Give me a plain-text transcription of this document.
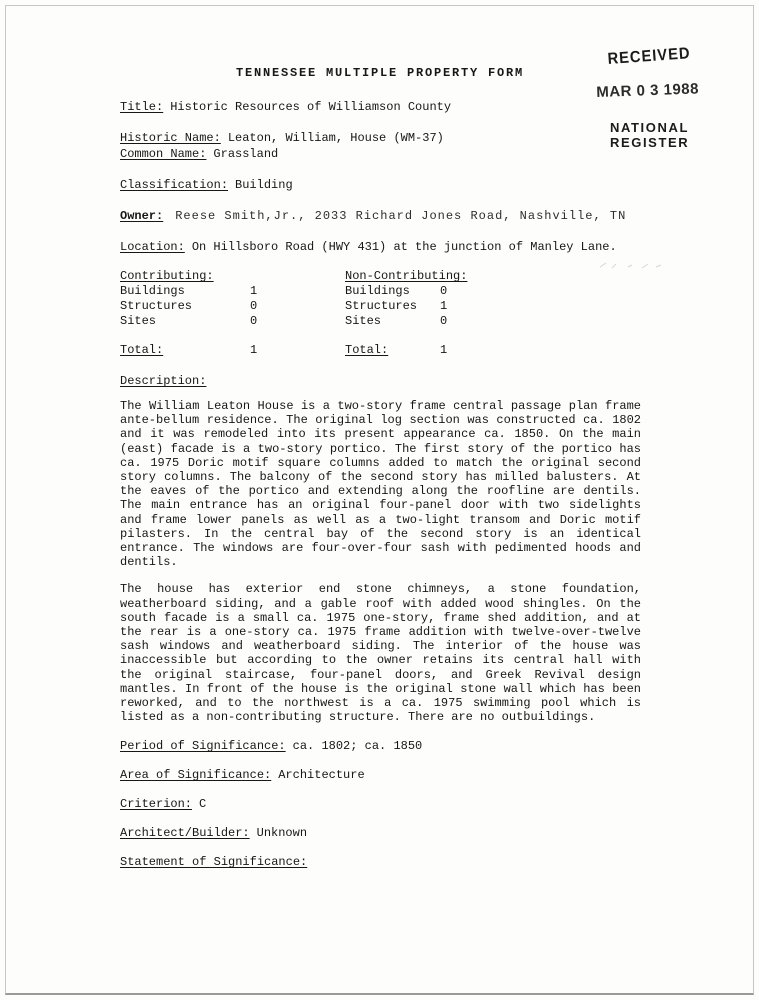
RECEIVED
MAR 0 3 1988
NATIONAL
REGISTER
TENNESSEE MULTIPLE PROPERTY FORM
Title: Historic Resources of Williamson County
Historic Name: Leaton, William, House (WM-37)
Common Name: Grassland
Classification: Building
Owner: Reese Smith,Jr., 2033 Richard Jones Road, Nashville, TN
Location: On Hillsboro Road (HWY 431) at the junction of Manley Lane.
Contributing:	Non-Contributing:
Buildings	1	Buildings	0
Structures	0	Structures	1
Sites	0	Sites	0
Total:	1	Total:	1
Description:

The William Leaton House is a two-story frame central passage plan frame ante-bellum residence. The original log section was constructed ca. 1802 and it was remodeled into its present appearance ca. 1850. On the main (east) facade is a two-story portico. The first story of the portico has ca. 1975 Doric motif square columns added to match the original second story columns. The balcony of the second story has milled balusters. At the eaves of the portico and extending along the roofline are dentils. The main entrance has an original four-panel door with two sidelights and frame lower panels as well as a two-light transom and Doric motif pilasters. In the central bay of the second story is an identical entrance. The windows are four-over-four sash with pedimented hoods and dentils.

The house has exterior end stone chimneys, a stone foundation, weatherboard siding, and a gable roof with added wood shingles. On the south facade is a small ca. 1975 one-story, frame shed addition, and at the rear is a one-story ca. 1975 frame addition with twelve-over-twelve sash windows and weatherboard siding. The interior of the house was inaccessible but according to the owner retains its central hall with the original staircase, four-panel doors, and Greek Revival design mantles. In front of the house is the original stone wall which has been reworked, and to the northwest is a ca. 1975 swimming pool which is listed as a non-contributing structure. There are no outbuildings.

Period of Significance: ca. 1802; ca. 1850
Area of Significance: Architecture
Criterion: C
Architect/Builder: Unknown
Statement of Significance:
